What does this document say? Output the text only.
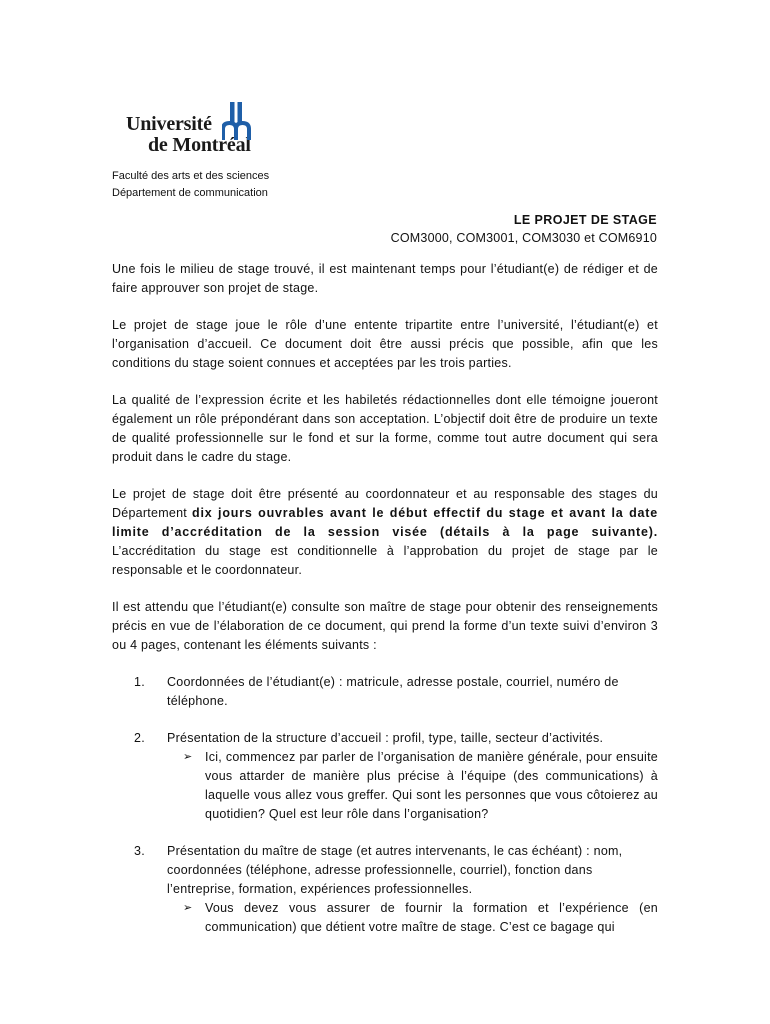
Université
de Montréal
Faculté des arts et des sciences
Département de communication
LE PROJET DE STAGE
COM3000, COM3001, COM3030 et COM6910

Une fois le milieu de stage trouvé, il est maintenant temps pour l’étudiant(e) de rédiger et de faire approuver son projet de stage.

Le projet de stage joue le rôle d’une entente tripartite entre l’université, l’étudiant(e) et l’organisation d’accueil. Ce document doit être aussi précis que possible, afin que les conditions du stage soient connues et acceptées par les trois parties.

La qualité de l’expression écrite et les habiletés rédactionnelles dont elle témoigne joueront également un rôle prépondérant dans son acceptation. L’objectif doit être de produire un texte de qualité professionnelle sur le fond et sur la forme, comme tout autre document qui sera produit dans le cadre du stage.

Le projet de stage doit être présenté au coordonnateur et au responsable des stages du Département dix jours ouvrables avant le début effectif du stage et avant la date limite d’accréditation de la session visée (détails à la page suivante). L’accréditation du stage est conditionnelle à l’approbation du projet de stage par le responsable et le coordonnateur.

Il est attendu que l’étudiant(e) consulte son maître de stage pour obtenir des renseignements précis en vue de l’élaboration de ce document, qui prend la forme d’un texte suivi d’environ 3 ou 4 pages, contenant les éléments suivants :

1. Coordonnées de l’étudiant(e) : matricule, adresse postale, courriel, numéro de téléphone.
2. Présentation de la structure d’accueil : profil, type, taille, secteur d’activités.
➢ Ici, commencez par parler de l’organisation de manière générale, pour ensuite vous attarder de manière plus précise à l’équipe (des communications) à laquelle vous allez vous greffer. Qui sont les personnes que vous côtoierez au quotidien? Quel est leur rôle dans l’organisation?
3. Présentation du maître de stage (et autres intervenants, le cas échéant) : nom, coordonnées (téléphone, adresse professionnelle, courriel), fonction dans l’entreprise, formation, expériences professionnelles.
➢ Vous devez vous assurer de fournir la formation et l’expérience (en communication) que détient votre maître de stage. C’est ce bagage qui
